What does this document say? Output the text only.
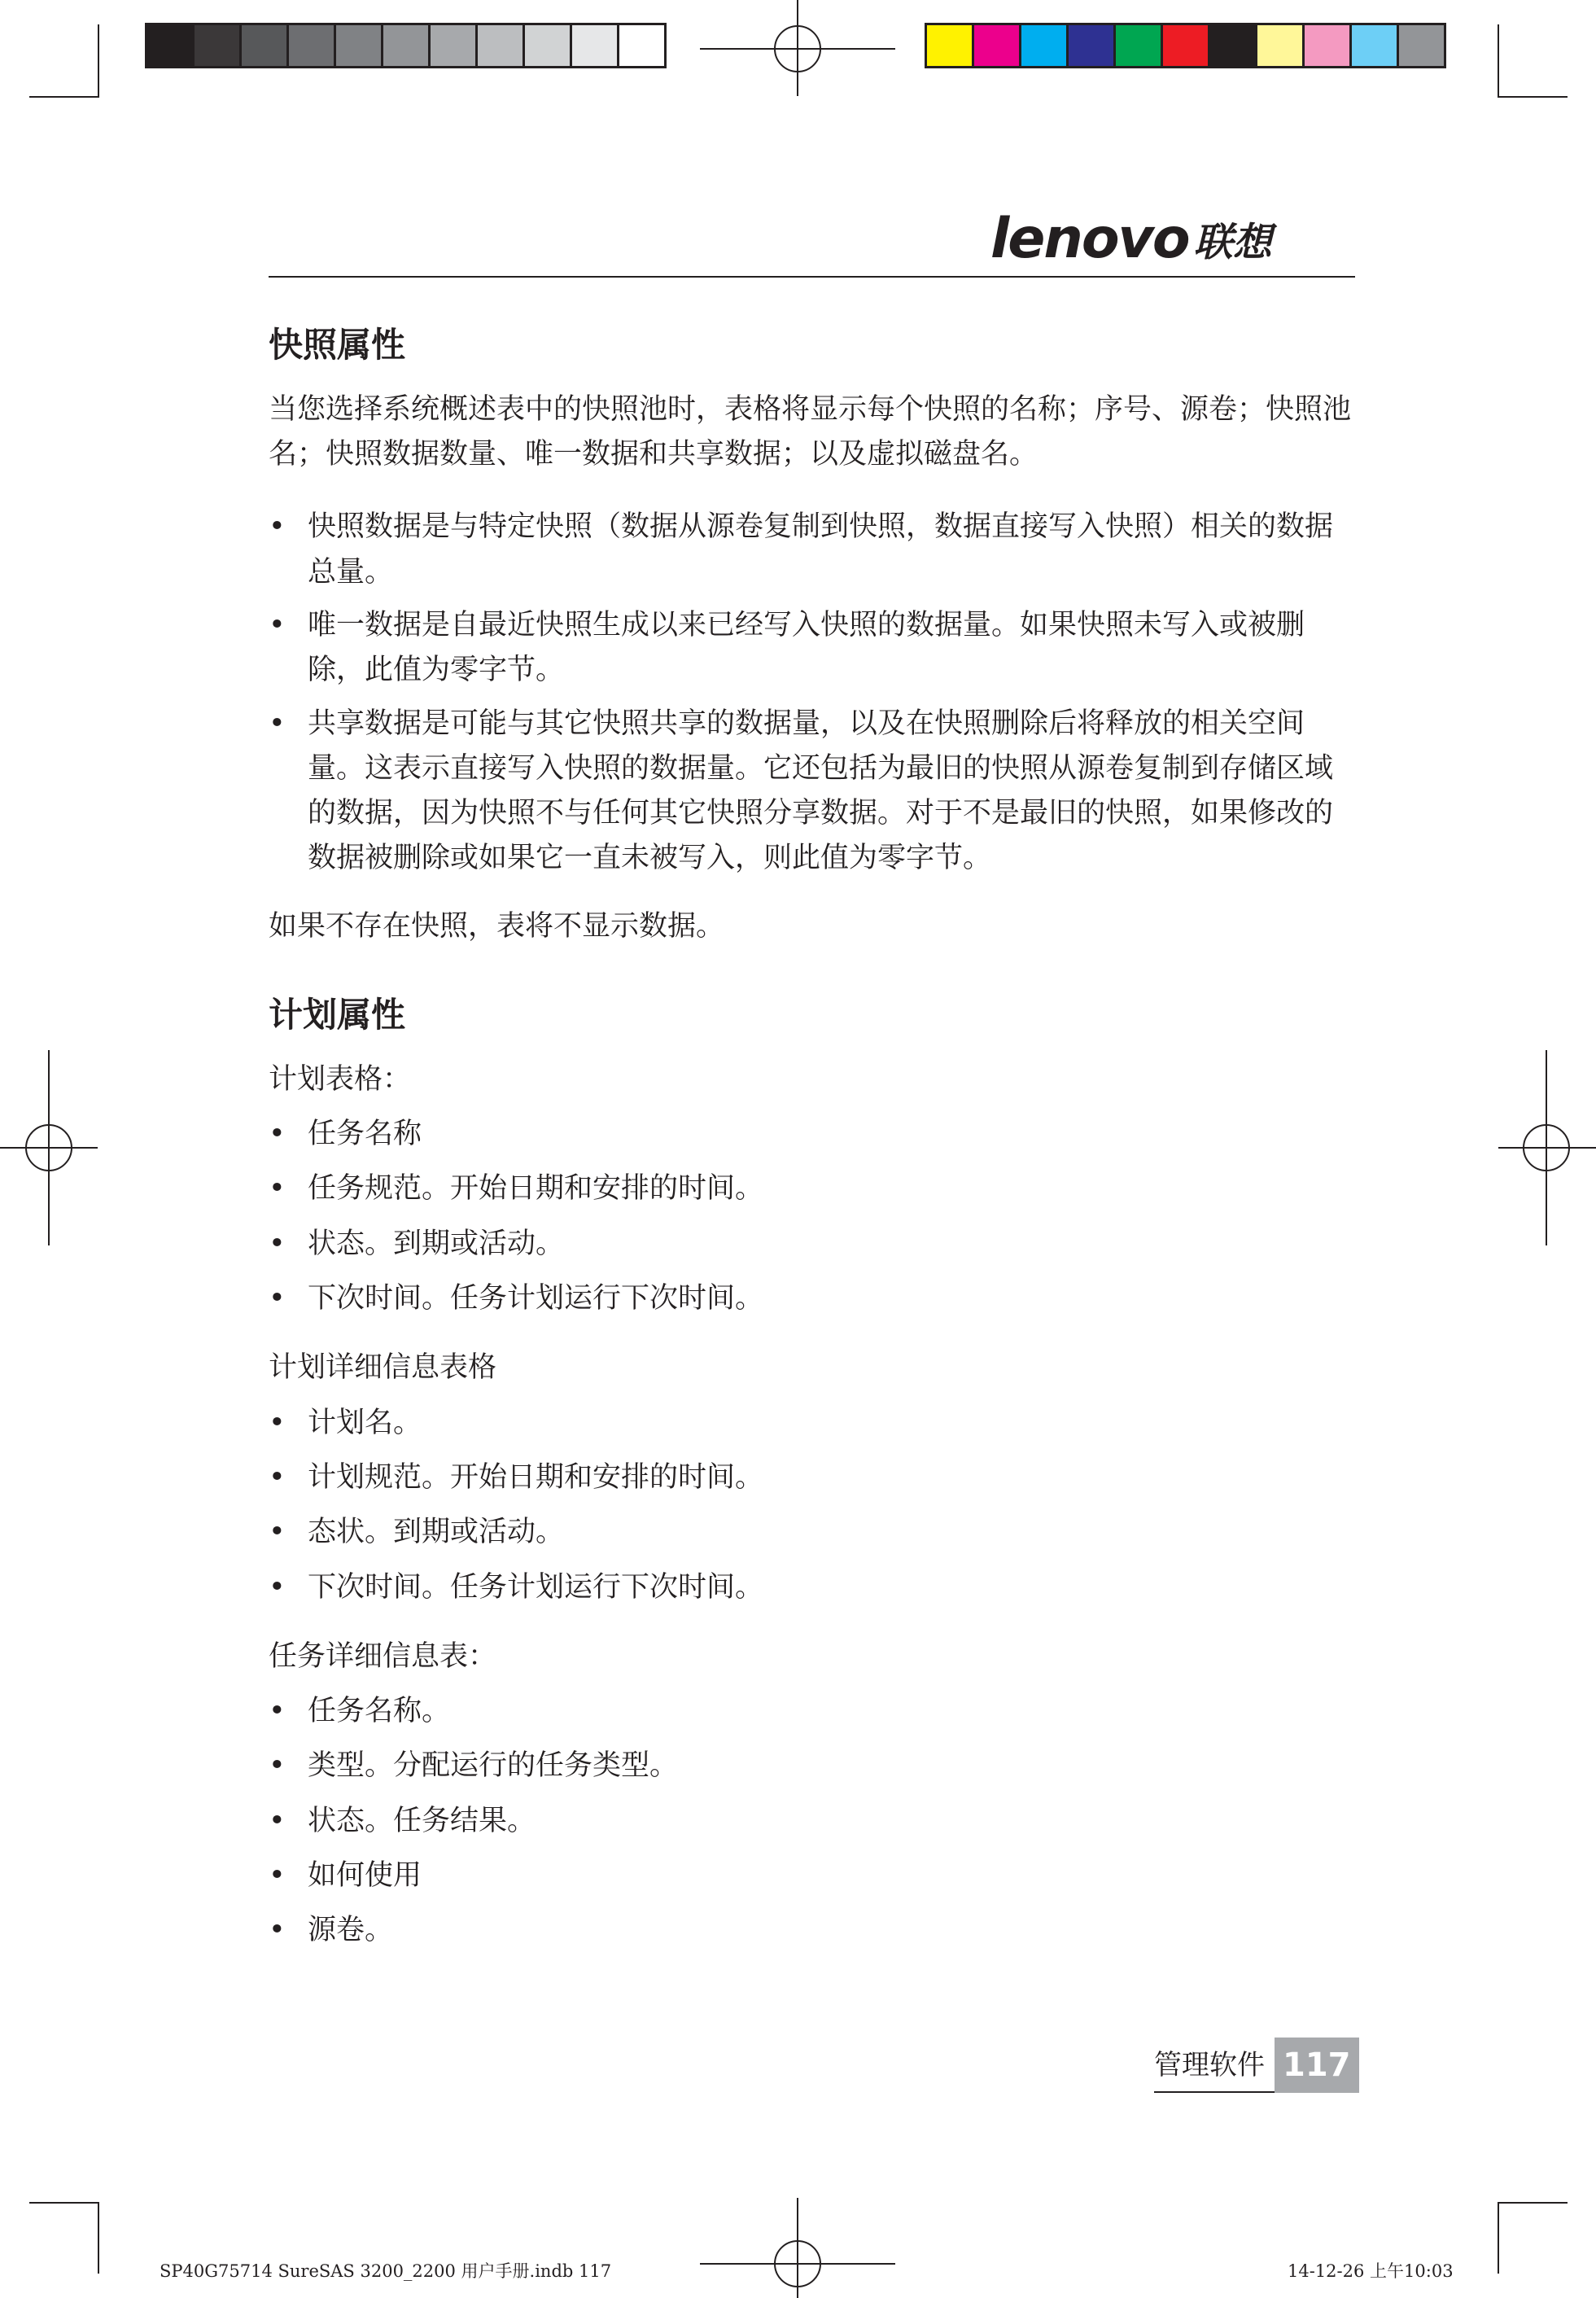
lenovo 联想
快照属性

当您选择系统概述表中的快照池时，表格将显示每个快照的名称；序号、源卷；快照池名；快照数据数量、唯一数据和共享数据；以及虚拟磁盘名。

• 快照数据是与特定快照（数据从源卷复制到快照，数据直接写入快照）相关的数据总量。
• 唯一数据是自最近快照生成以来已经写入快照的数据量。如果快照未写入或被删除，此值为零字节。
• 共享数据是可能与其它快照共享的数据量，以及在快照删除后将释放的相关空间量。这表示直接写入快照的数据量。它还包括为最旧的快照从源卷复制到存储区域的数据，因为快照不与任何其它快照分享数据。对于不是最旧的快照，如果修改的数据被删除或如果它一直未被写入，则此值为零字节。

如果不存在快照，表将不显示数据。

计划属性

计划表格：

• 任务名称
• 任务规范。开始日期和安排的时间。
• 状态。到期或活动。
• 下次时间。任务计划运行下次时间。

计划详细信息表格

• 计划名。
• 计划规范。开始日期和安排的时间。
• 态状。到期或活动。
• 下次时间。任务计划运行下次时间。

任务详细信息表：

• 任务名称。
• 类型。分配运行的任务类型。
• 状态。任务结果。
• 如何使用
• 源卷。
管理软件 117
SP40G75714 SureSAS 3200_2200 用户手册.indb 117	14-12-26 上午10:03
